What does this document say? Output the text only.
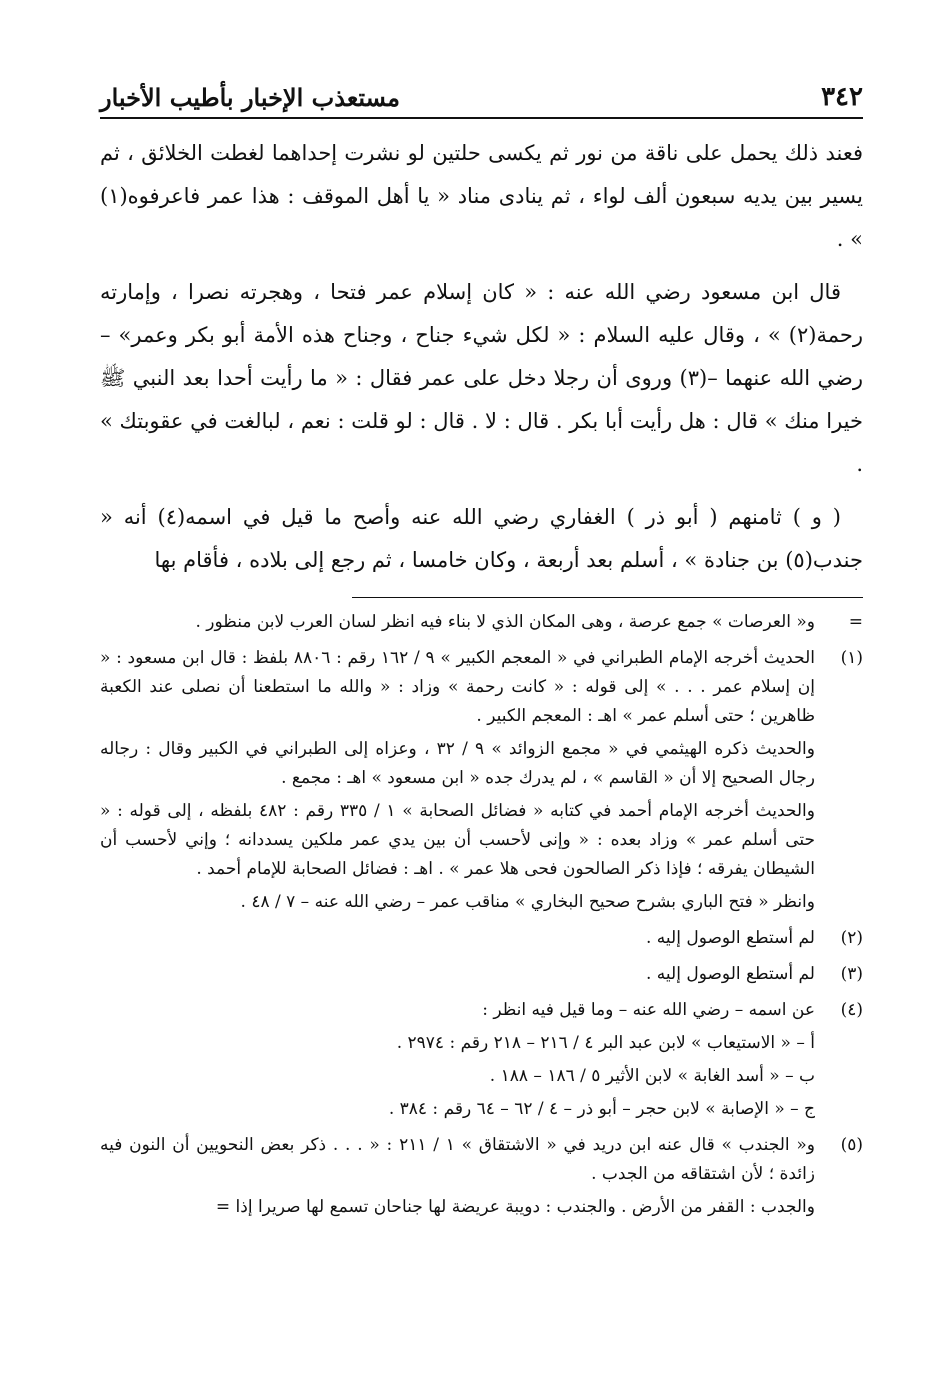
٣٤٢
مستعذب الإخبار بأطيب الأخبار

فعند ذلك يحمل على ناقة من نور ثم يكسى حلتين لو نشرت إحداهما لغطت الخلائق ، ثم يسير بين يديه سبعون ألف لواء ، ثم ينادى مناد « يا أهل الموقف : هذا عمر فاعرفوه(١) » .

قال ابن مسعود رضي الله عنه : « كان إسلام عمر فتحا ، وهجرته نصرا ، وإمارته رحمة(٢) » ، وقال عليه السلام : « لكل شيء جناح ، وجناح هذه الأمة أبو بكر وعمر» – رضي الله عنهما –(٣) وروى أن رجلا دخل على عمر فقال : « ما رأيت أحدا بعد النبي ﷺ خيرا منك » قال : هل رأيت أبا بكر . قال : لا . قال : لو قلت : نعم ، لبالغت في عقوبتك » .

( و ) ثامنهم ( أبو ذر ) الغفاري رضي الله عنه وأصح ما قيل في اسمه(٤) أنه « جندب(٥) بن جنادة » ، أسلم بعد أربعة ، وكان خامسا ، ثم رجع إلى بلاده ، فأقام بها

=

و« العرصات » جمع عرصة ، وهى المكان الذي لا بناء فيه انظر لسان العرب لابن منظور .

(١)

الحديث أخرجه الإمام الطبراني في « المعجم الكبير » ٩ / ١٦٢ رقم : ٨٨٠٦ بلفظ : قال ابن مسعود : « إن إسلام عمر . . . » إلى قوله : « كانت رحمة » وزاد : « والله ما استطعنا أن نصلى عند الكعبة ظاهرين ؛ حتى أسلم عمر » اهـ : المعجم الكبير .

والحديث ذكره الهيثمي في « مجمع الزوائد » ٩ / ٣٢ ، وعزاه إلى الطبراني في الكبير وقال : رجاله رجال الصحيح إلا أن « القاسم » ، لم يدرك جده « ابن مسعود » اهـ : مجمع .

والحديث أخرجه الإمام أحمد في كتابه « فضائل الصحابة » ١ / ٣٣٥ رقم : ٤٨٢ بلفظه ، إلى قوله : « حتى أسلم عمر » وزاد بعده : « وإنى لأحسب أن بين يدي عمر ملكين يسددانه ؛ وإني لأحسب أن الشيطان يفرقه ؛ فإذا ذكر الصالحون فحى هلا عمر » . اهـ : فضائل الصحابة للإمام أحمد .

وانظر « فتح الباري بشرح صحيح البخاري » مناقب عمر – رضي الله عنه – ٧ / ٤٨ .

(٢)

لم أستطع الوصول إليه .

(٣)

لم أستطع الوصول إليه .

(٤)

عن اسمه – رضي الله عنه – وما قيل فيه انظر :

أ – « الاستيعاب » لابن عبد البر ٤ / ٢١٦ – ٢١٨ رقم : ٢٩٧٤ .

ب – « أسد الغابة » لابن الأثير ٥ / ١٨٦ – ١٨٨ .

ج – « الإصابة » لابن حجر – أبو ذر – ٤ / ٦٢ – ٦٤ رقم : ٣٨٤ .

(٥)

و« الجندب » قال عنه ابن دريد في « الاشتقاق » ١ / ٢١١ : « . . . ذكر بعض النحويين أن النون فيه زائدة ؛ لأن اشتقاقه من الجدب .

والجدب : القفر من الأرض . والجندب : دويبة عريضة لها جناحان تسمع لها صريرا إذا =
